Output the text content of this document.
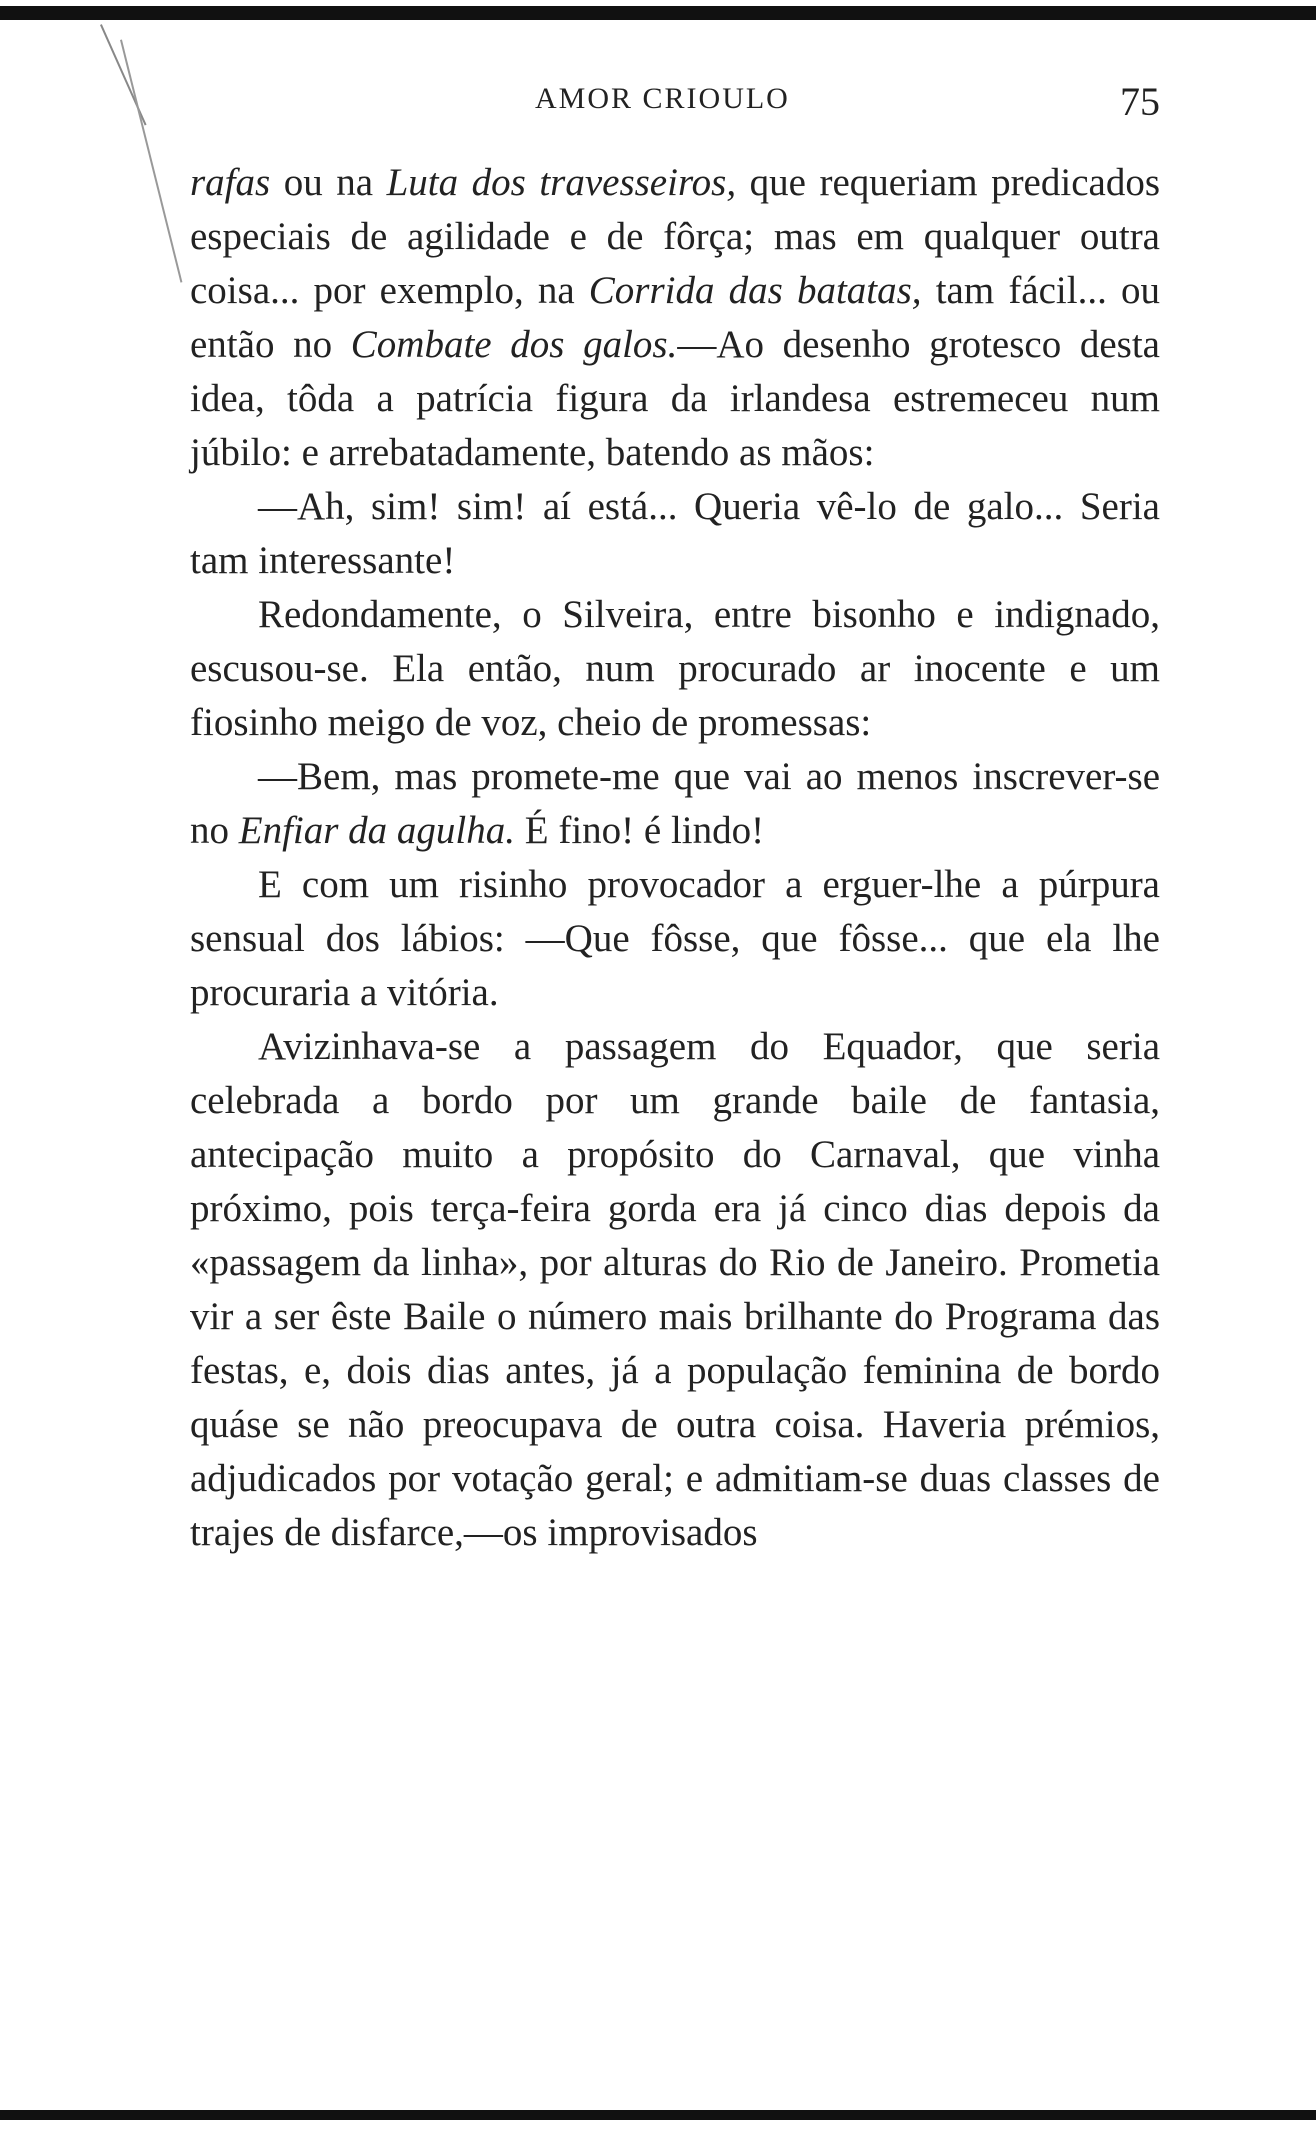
AMOR CRIOULO	75

rafas ou na Luta dos travesseiros, que requeriam predicados especiais de agilidade e de fôrça; mas em qualquer outra coisa... por exemplo, na Corrida das batatas, tam fácil... ou então no Combate dos galos.—Ao desenho grotesco desta idea, tôda a patrícia figura da irlandesa estremeceu num júbilo: e arrebatadamente, batendo as mãos:

—Ah, sim! sim! aí está... Queria vê-lo de galo... Seria tam interessante!

Redondamente, o Silveira, entre bisonho e indignado, escusou-se. Ela então, num procurado ar inocente e um fiosinho meigo de voz, cheio de promessas:

—Bem, mas promete-me que vai ao menos inscrever-se no Enfiar da agulha. É fino! é lindo!

E com um risinho provocador a erguer-lhe a púrpura sensual dos lábios: —Que fôsse, que fôsse... que ela lhe procuraria a vitória.

Avizinhava-se a passagem do Equador, que seria celebrada a bordo por um grande baile de fantasia, antecipação muito a propósito do Carnaval, que vinha próximo, pois terça-feira gorda era já cinco dias depois da «passagem da linha», por alturas do Rio de Janeiro. Prometia vir a ser êste Baile o número mais brilhante do Programa das festas, e, dois dias antes, já a população feminina de bordo quáse se não preocupava de outra coisa. Haveria prémios, adjudicados por votação geral; e admitiam-se duas classes de trajes de disfarce,—os improvisados
